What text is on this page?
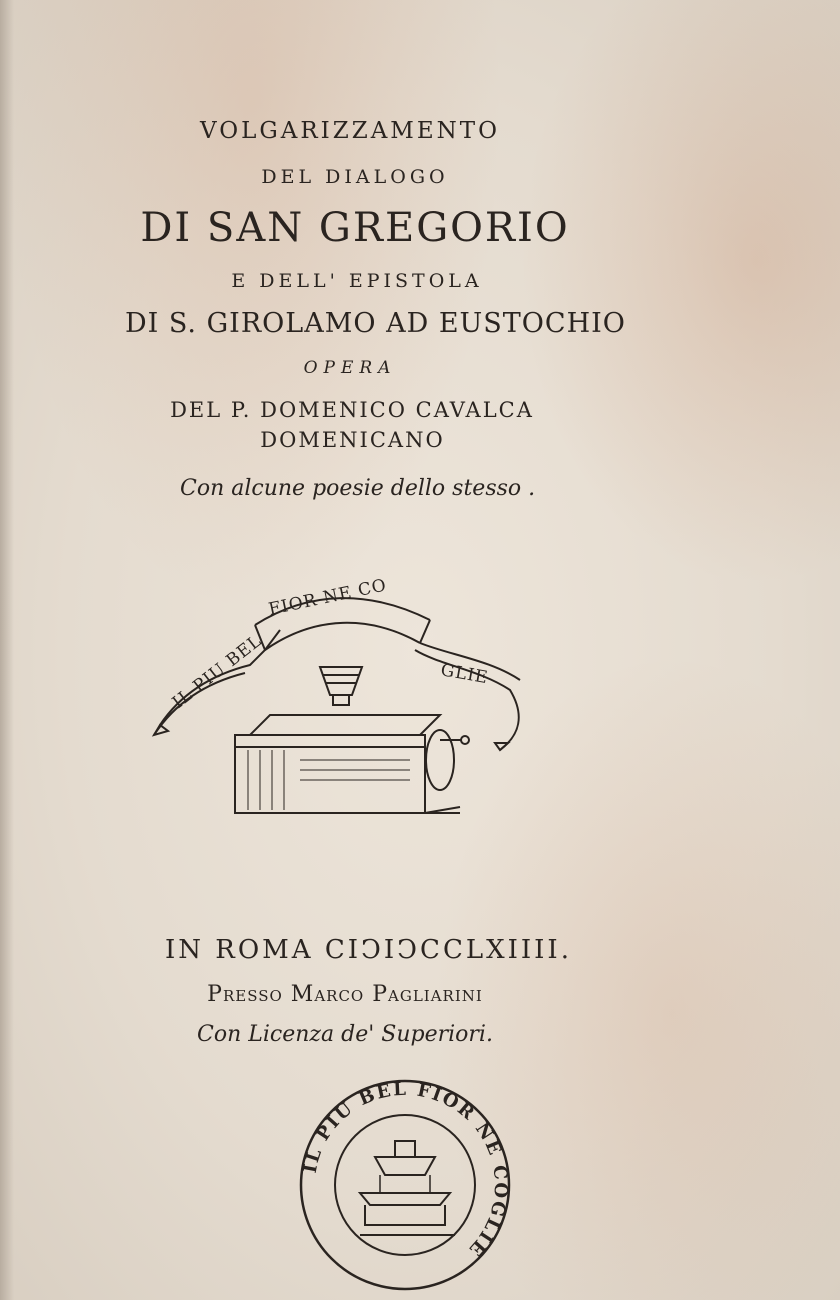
VOLGARIZZAMENTO

DEL DIALOGO

DI SAN GREGORIO

E DELL' EPISTOLA

DI S. GIROLAMO AD EUSTOCHIO

OPERA

DEL P. DOMENICO CAVALCA

DOMENICANO

Con alcune poesie dello stesso .

IL PIU BEL
FIOR NE CO
GLIE

IN ROMA CIↃIↃCCLXIIII.

Presso Marco Pagliarini

Con Licenza de' Superiori.

IL PIU BEL FIOR NE COGLIE
